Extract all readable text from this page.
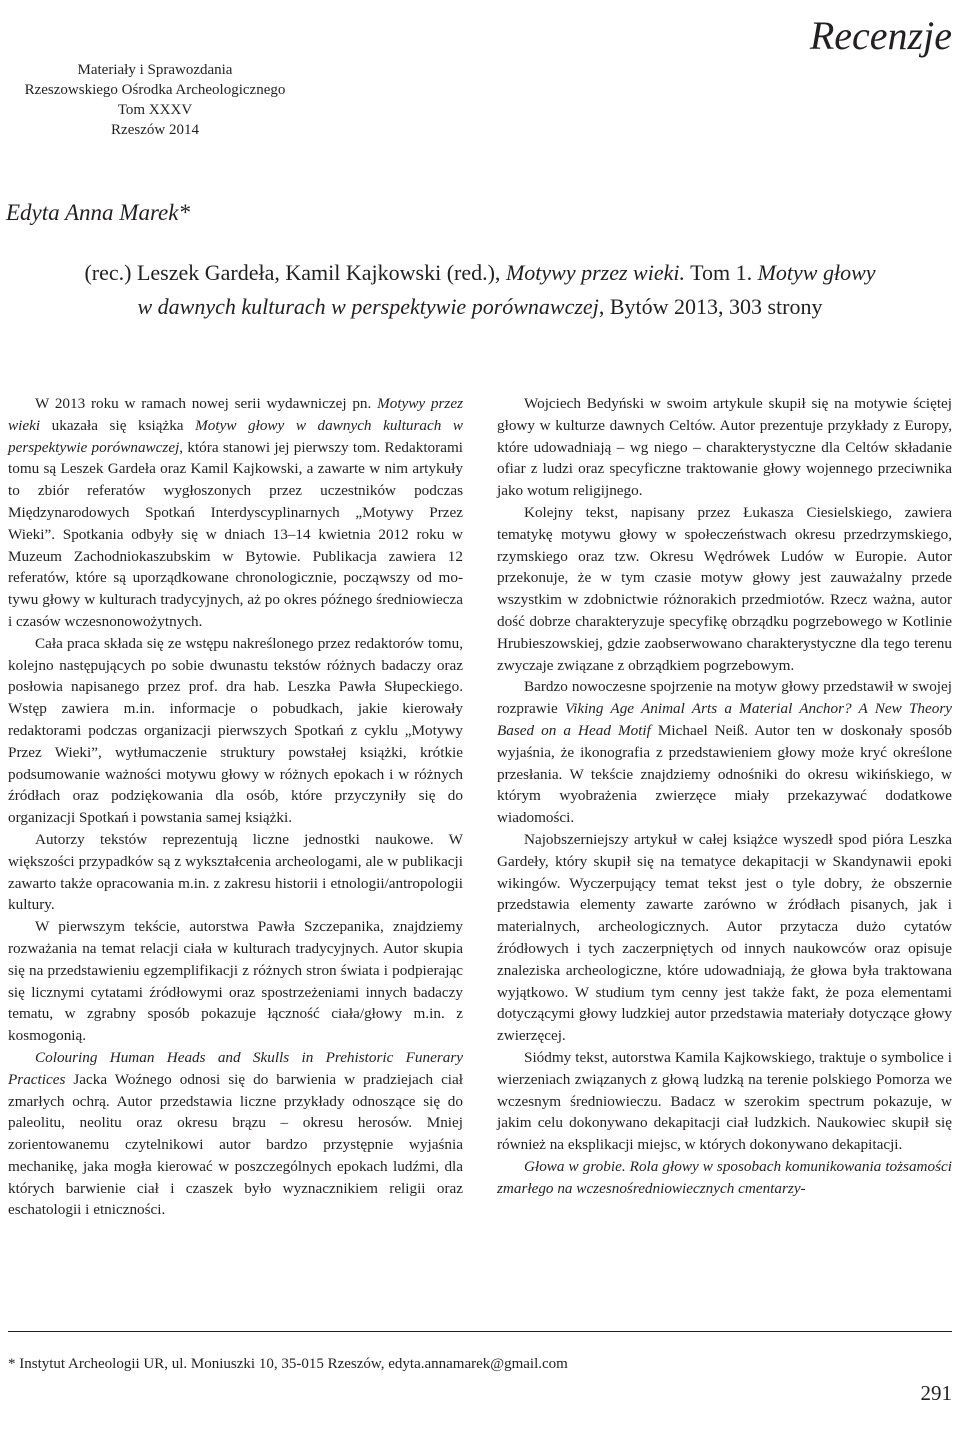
Materiały i Sprawozdania
Rzeszowskiego Ośrodka Archeologicznego
Tom XXXV
Rzeszów 2014
Recenzje
Edyta Anna Marek*
(rec.) Leszek Gardeła, Kamil Kajkowski (red.), Motywy przez wieki. Tom 1. Motyw głowy
w dawnych kulturach w perspektywie porównawczej, Bytów 2013, 303 strony

W 2013 roku w ramach nowej serii wydawniczej pn. Motywy przez wieki ukazała się książka Motyw głowy w dawnych kulturach w perspektywie porównawczej, która stanowi jej pierwszy tom. Redaktorami tomu są Leszek Gardeła oraz Kamil Kajkowski, a zawarte w nim artykuły to zbiór referatów wygłoszonych przez uczestników podczas Międzynarodowych Spotkań Interdyscyplinarnych „Motywy Przez Wieki”. Spotkania odbyły się w dniach 13–14 kwietnia 2012 roku w Muzeum Zachodniokaszubskim w Bytowie. Publikacja zawiera 12 referatów, które są uporządkowane chronologicznie, począwszy od motywu głowy w kulturach tradycyjnych, aż po okres późnego średniowiecza i czasów wczesnonowożytnych.

Cała praca składa się ze wstępu nakreślonego przez redaktorów tomu, kolejno następujących po sobie dwunastu tekstów różnych badaczy oraz posłowia napisanego przez prof. dra hab. Leszka Pawła Słupeckiego. Wstęp zawiera m.in. informacje o pobudkach, jakie kierowały redaktorami podczas organizacji pierwszych Spotkań z cyklu „Motywy Przez Wieki”, wytłumaczenie struktury powstałej książki, krótkie podsumowanie ważności motywu głowy w różnych epokach i w różnych źródłach oraz podziękowania dla osób, które przyczyniły się do organizacji Spotkań i powstania samej książki.

Autorzy tekstów reprezentują liczne jednostki naukowe. W większości przypadków są z wykształcenia archeologami, ale w publikacji zawarto także opracowania m.in. z zakresu historii i etnologii/antropologii kultury.

W pierwszym tekście, autorstwa Pawła Szczepanika, znajdziemy rozważania na temat relacji ciała w kulturach tradycyjnych. Autor skupia się na przedstawieniu egzemplifikacji z różnych stron świata i podpierając się licznymi cytatami źródłowymi oraz spostrzeżeniami innych badaczy tematu, w zgrabny sposób pokazuje łączność ciała/głowy m.in. z kosmogonią.

Colouring Human Heads and Skulls in Prehistoric Funerary Practices Jacka Woźnego odnosi się do barwienia w pradziejach ciał zmarłych ochrą. Autor przedstawia liczne przykłady odnoszące się do paleolitu, neolitu oraz okresu brązu – okresu herosów. Mniej zorientowanemu czytelnikowi autor bardzo przystępnie wyjaśnia mechanikę, jaka mogła kierować w poszczególnych epokach ludźmi, dla których barwienie ciał i czaszek było wyznacznikiem religii oraz eschatologii i etniczności.

Wojciech Bedyński w swoim artykule skupił się na motywie ściętej głowy w kulturze dawnych Celtów. Autor prezentuje przykłady z Europy, które udowadniają – wg niego – charakterystyczne dla Celtów składanie ofiar z ludzi oraz specyficzne traktowanie głowy wojennego przeciwnika jako wotum religijnego.

Kolejny tekst, napisany przez Łukasza Ciesielskiego, zawiera tematykę motywu głowy w społeczeństwach okresu przedrzymskiego, rzymskiego oraz tzw. Okresu Wędrówek Ludów w Europie. Autor przekonuje, że w tym czasie motyw głowy jest zauważalny przede wszystkim w zdobnictwie różnorakich przedmiotów. Rzecz ważna, autor dość dobrze charakteryzuje specyfikę obrządku pogrzebowego w Kotlinie Hrubieszowskiej, gdzie zaobserwowano charakterystyczne dla tego terenu zwyczaje związane z obrządkiem pogrzebowym.

Bardzo nowoczesne spojrzenie na motyw głowy przedstawił w swojej rozprawie Viking Age Animal Arts a Material Anchor? A New Theory Based on a Head Motif Michael Neiß. Autor ten w doskonały sposób wyjaśnia, że ikonografia z przedstawieniem głowy może kryć określone przesłania. W tekście znajdziemy odnośniki do okresu wikińskiego, w którym wyobrażenia zwierzęce miały przekazywać dodatkowe wiadomości.

Najobszerniejszy artykuł w całej książce wyszedł spod pióra Leszka Gardeły, który skupił się na tematyce dekapitacji w Skandynawii epoki wikingów. Wyczerpujący temat tekst jest o tyle dobry, że obszernie przedstawia elementy zawarte zarówno w źródłach pisanych, jak i materialnych, archeologicznych. Autor przytacza dużo cytatów źródłowych i tych zaczerpniętych od innych naukowców oraz opisuje znaleziska archeologiczne, które udowadniają, że głowa była traktowana wyjątkowo. W studium tym cenny jest także fakt, że poza elementami dotyczącymi głowy ludzkiej autor przedstawia materiały dotyczące głowy zwierzęcej.

Siódmy tekst, autorstwa Kamila Kajkowskiego, traktuje o symbolice i wierzeniach związanych z głową ludzką na terenie polskiego Pomorza we wczesnym średniowieczu. Badacz w szerokim spectrum pokazuje, w jakim celu dokonywano dekapitacji ciał ludzkich. Naukowiec skupił się również na eksplikacji miejsc, w których dokonywano dekapitacji.

Głowa w grobie. Rola głowy w sposobach komunikowania tożsamości zmarłego na wczesnośredniowiecznych cmentarzy-

* Instytut Archeologii UR, ul. Moniuszki 10, 35-015 Rzeszów, edyta.annamarek@gmail.com
291
